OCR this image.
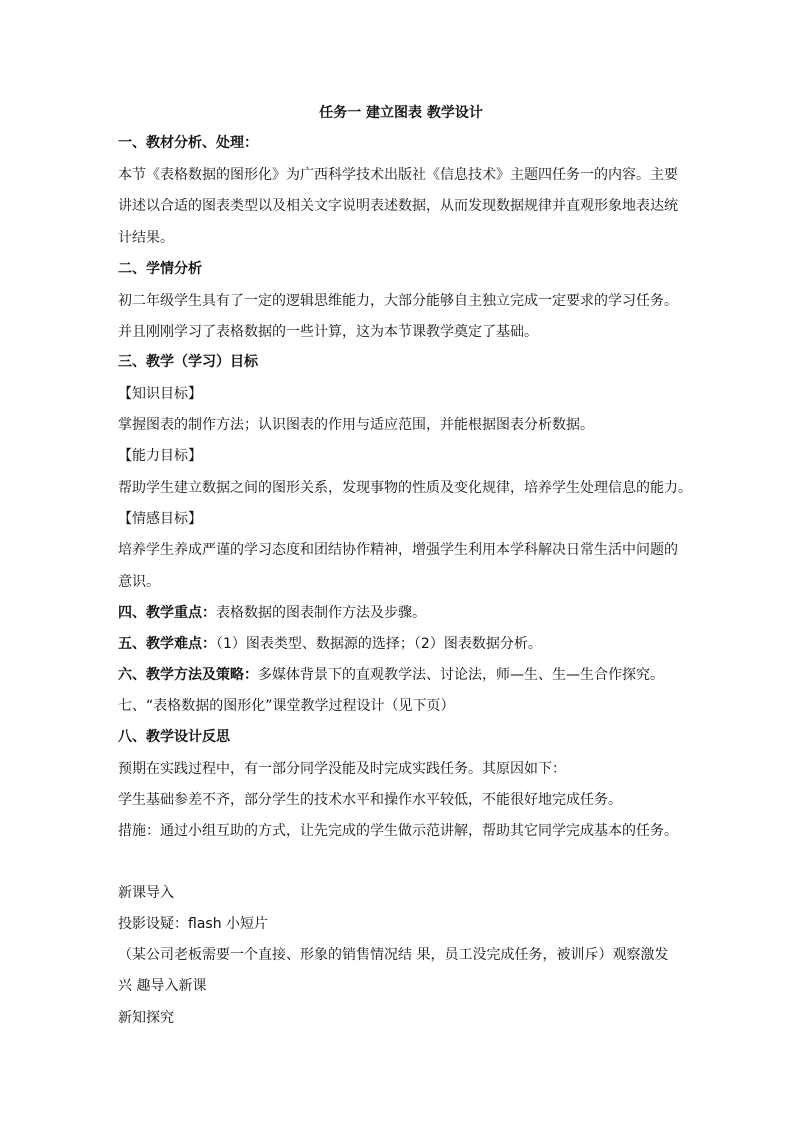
任务一 建立图表 教学设计
一、教材分析、处理：
本节《表格数据的图形化》为广西科学技术出版社《信息技术》主题四任务一的内容。主要
讲述以合适的图表类型以及相关文字说明表述数据，从而发现数据规律并直观形象地表达统
计结果。
二、学情分析
初二年级学生具有了一定的逻辑思维能力，大部分能够自主独立完成一定要求的学习任务。
并且刚刚学习了表格数据的一些计算，这为本节课教学奠定了基础。
三、教学（学习）目标
【知识目标】
掌握图表的制作方法；认识图表的作用与适应范围，并能根据图表分析数据。
【能力目标】
帮助学生建立数据之间的图形关系，发现事物的性质及变化规律，培养学生处理信息的能力。
【情感目标】
培养学生养成严谨的学习态度和团结协作精神，增强学生利用本学科解决日常生活中问题的
意识。
四、教学重点：表格数据的图表制作方法及步骤。
五、教学难点：（1）图表类型、数据源的选择；（2）图表数据分析。
六、教学方法及策略：多媒体背景下的直观教学法、讨论法，师—生、生—生合作探究。
七、“表格数据的图形化”课堂教学过程设计（见下页）
八、教学设计反思
预期在实践过程中，有一部分同学没能及时完成实践任务。其原因如下：
学生基础参差不齐，部分学生的技术水平和操作水平较低，不能很好地完成任务。
措施：通过小组互助的方式，让先完成的学生做示范讲解，帮助其它同学完成基本的任务。
新课导入
投影设疑：flash 小短片
（某公司老板需要一个直接、形象的销售情况结 果，员工没完成任务，被训斥）观察激发
兴 趣导入新课
新知探究
